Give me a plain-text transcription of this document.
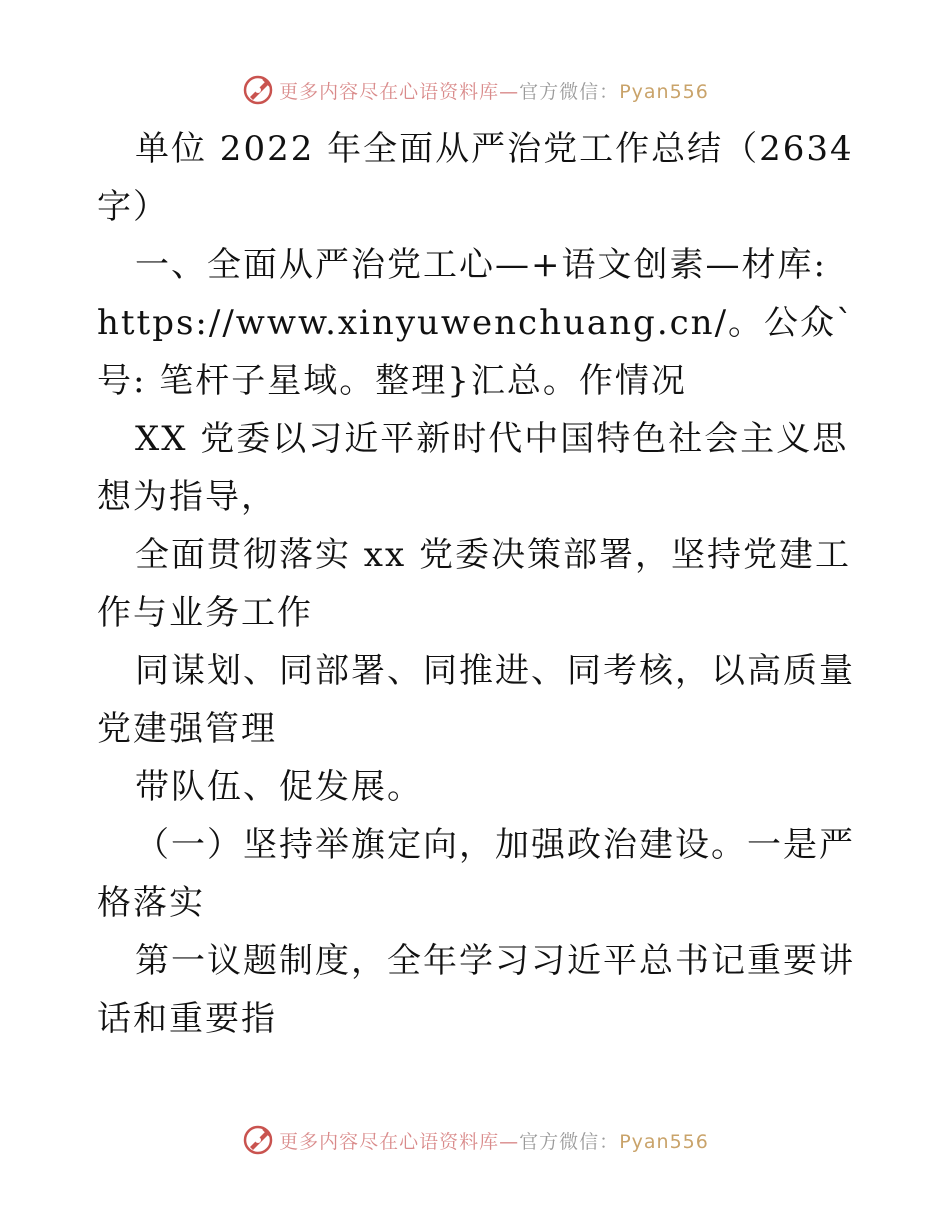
更多内容尽在心语资料库—官方微信：Pyan556

单位 2022 年全面从严治党工作总结（2634字）

一、全面从严治党工心—+语文创素—材库: https://www.xinyuwenchuang.cn/。公众`号: 笔杆子星域。整理}汇总。作情况

XX 党委以习近平新时代中国特色社会主义思想为指导，

全面贯彻落实 xx 党委决策部署，坚持党建工作与业务工作

同谋划、同部署、同推进、同考核，以高质量党建强管理

带队伍、促发展。

（一）坚持举旗定向，加强政治建设。一是严格落实

第一议题制度，全年学习习近平总书记重要讲话和重要指

更多内容尽在心语资料库—官方微信：Pyan556
